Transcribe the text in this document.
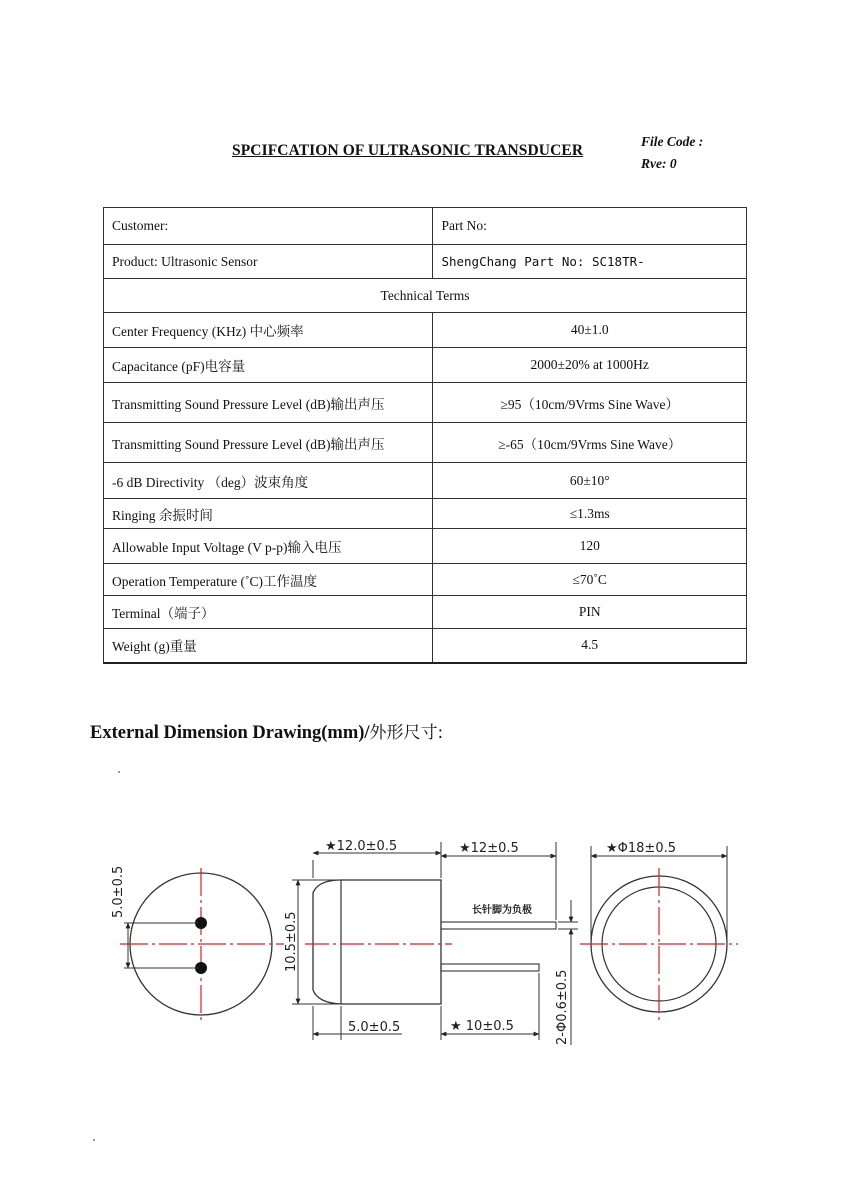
SPCIFCATION OF ULTRASONIC TRANSDUCER
File Code :
Rve: 0
Customer:	Part No:
Product: Ultrasonic Sensor	ShengChang Part No: SC18TR-
Technical Terms	
Center Frequency (KHz) 中心频率	40±1.0
Capacitance (pF)电容量	2000±20% at 1000Hz
Transmitting Sound Pressure Level (dB)输出声压	≥95（10cm/9Vrms Sine Wave）
Transmitting Sound Pressure Level (dB)输出声压	≥-65（10cm/9Vrms Sine Wave）
-6 dB Directivity （deg）波束角度	60±10°
Ringing 余振时间	≤1.3ms
Allowable Input Voltage (V p-p)输入电压	120
Operation Temperature (˚C)工作温度	≤70˚C
Terminal（端子）	PIN
Weight (g)重量	4.5
External Dimension Drawing(mm)/外形尺寸:
5.0±0.5
★12.0±0.5	★12±0.5
长针脚为负极
10.5±0.5
5.0±0.5	★ 10±0.5	2-Φ0.6±0.5
★Φ18±0.5
